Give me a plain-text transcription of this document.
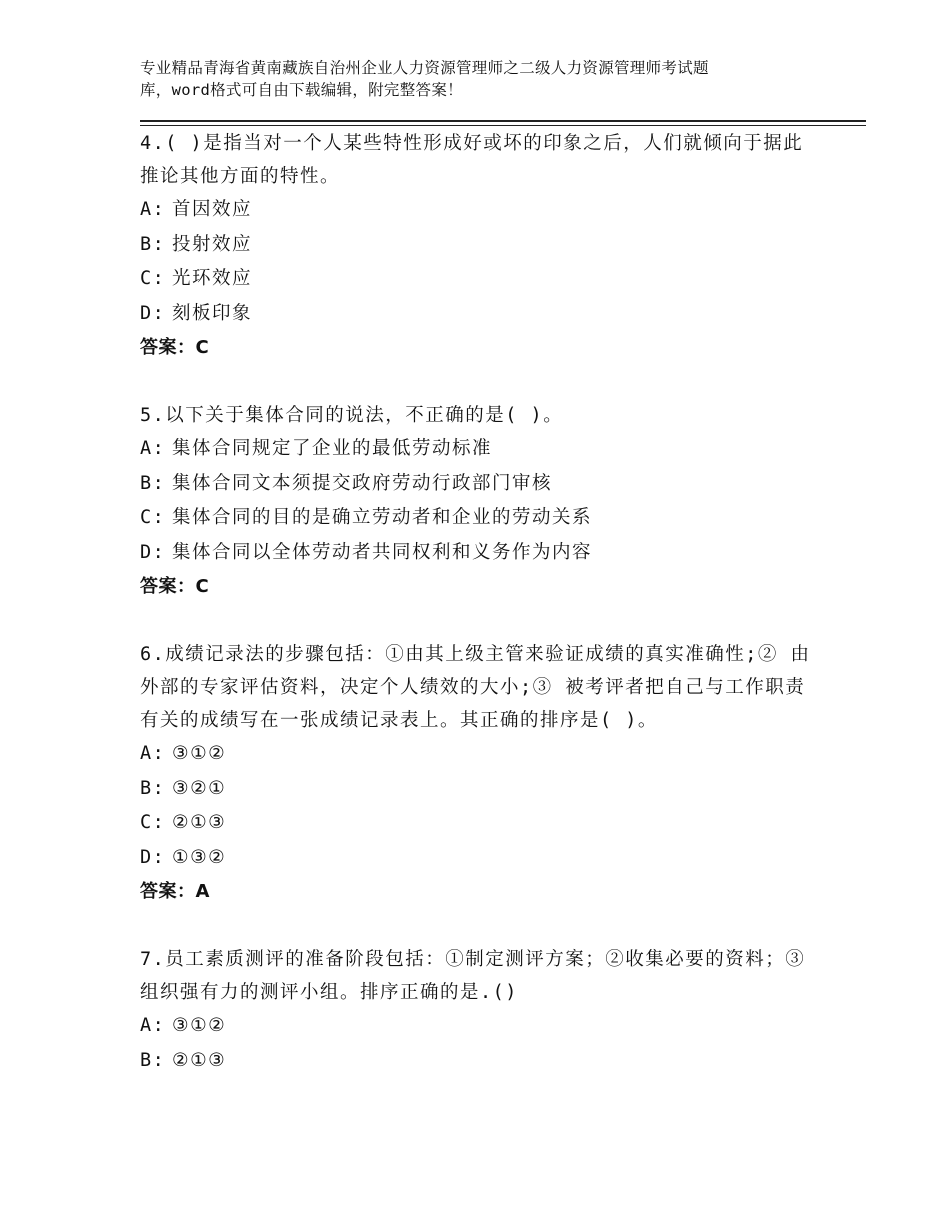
专业精品青海省黄南藏族自治州企业人力资源管理师之二级人力资源管理师考试题
库，word格式可自由下载编辑，附完整答案！

4.( )是指当对一个人某些特性形成好或坏的印象之后，人们就倾向于据此推论其他方面的特性。

A: 首因效应
B: 投射效应
C: 光环效应
D: 刻板印象
答案：C

5.以下关于集体合同的说法，不正确的是( )。

A: 集体合同规定了企业的最低劳动标准
B: 集体合同文本须提交政府劳动行政部门审核
C: 集体合同的目的是确立劳动者和企业的劳动关系
D: 集体合同以全体劳动者共同权利和义务作为内容
答案：C

6.成绩记录法的步骤包括：①由其上级主管来验证成绩的真实准确性;② 由外部的专家评估资料，决定个人绩效的大小;③ 被考评者把自己与工作职责有关的成绩写在一张成绩记录表上。其正确的排序是( )。

A: ③①②
B: ③②①
C: ②①③
D: ①③②
答案：A

7.员工素质测评的准备阶段包括：①制定测评方案；②收集必要的资料；③组织强有力的测评小组。排序正确的是.()

A: ③①②
B: ②①③
